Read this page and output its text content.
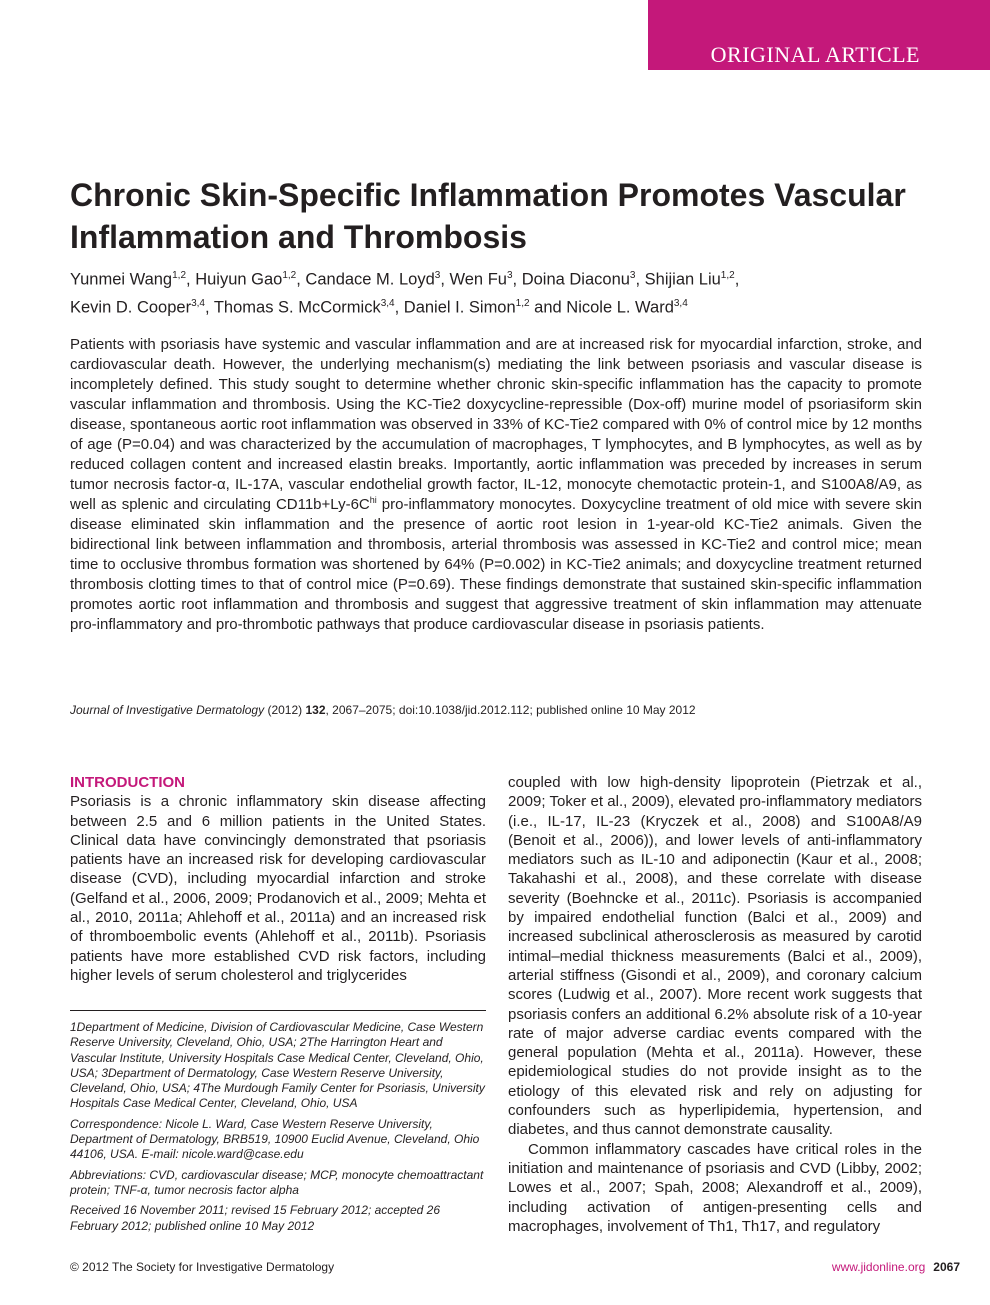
ORIGINAL ARTICLE
Chronic Skin-Specific Inflammation Promotes Vascular Inflammation and Thrombosis
Yunmei Wang$^{1,2}$, Huiyun Gao$^{1,2}$, Candace M. Loyd$^3$, Wen Fu$^3$, Doina Diaconu$^3$, Shijian Liu$^{1,2}$,
Kevin D. Cooper$^{3,4}$, Thomas S. McCormick$^{3,4}$, Daniel I. Simon$^{1,2}$ and Nicole L. Ward$^{3,4}$
Patients with psoriasis have systemic and vascular inflammation and are at increased risk for myocardial infarction, stroke, and cardiovascular death. However, the underlying mechanism(s) mediating the link between psoriasis and vascular disease is incompletely defined. This study sought to determine whether chronic skin-specific inflammation has the capacity to promote vascular inflammation and thrombosis. Using the KC-Tie2 doxycycline-repressible (Dox-off) murine model of psoriasiform skin disease, spontaneous aortic root inflammation was observed in 33% of KC-Tie2 compared with 0% of control mice by 12 months of age (P=0.04) and was characterized by the accumulation of macrophages, T lymphocytes, and B lymphocytes, as well as by reduced collagen content and increased elastin breaks. Importantly, aortic inflammation was preceded by increases in serum tumor necrosis factor-α, IL-17A, vascular endothelial growth factor, IL-12, monocyte chemotactic protein-1, and S100A8/A9, as well as splenic and circulating $CD11b+Ly-6C^{hi}$ pro-inflammatory monocytes. Doxycycline treatment of old mice with severe skin disease eliminated skin inflammation and the presence of aortic root lesion in 1-year-old KC-Tie2 animals. Given the bidirectional link between inflammation and thrombosis, arterial thrombosis was assessed in KC-Tie2 and control mice; mean time to occlusive thrombus formation was shortened by 64% (P=0.002) in KC-Tie2 animals; and doxycycline treatment returned thrombosis clotting times to that of control mice (P=0.69). These findings demonstrate that sustained skin-specific inflammation promotes aortic root inflammation and thrombosis and suggest that aggressive treatment of skin inflammation may attenuate pro-inflammatory and pro-thrombotic pathways that produce cardiovascular disease in psoriasis patients.
Journal of Investigative Dermatology (2012) 132, 2067–2075; doi:10.1038/jid.2012.112; published online 10 May 2012
INTRODUCTION

Psoriasis is a chronic inflammatory skin disease affecting between 2.5 and 6 million patients in the United States. Clinical data have convincingly demonstrated that psoriasis patients have an increased risk for developing cardiovascular disease (CVD), including myocardial infarction and stroke (Gelfand et al., 2006, 2009; Prodanovich et al., 2009; Mehta et al., 2010, 2011a; Ahlehoff et al., 2011a) and an increased risk of thromboembolic events (Ahlehoff et al., 2011b). Psoriasis patients have more established CVD risk factors, including higher levels of serum cholesterol and triglycerides

coupled with low high-density lipoprotein (Pietrzak et al., 2009; Toker et al., 2009), elevated pro-inflammatory mediators (i.e., IL-17, IL-23 (Kryczek et al., 2008) and S100A8/A9 (Benoit et al., 2006)), and lower levels of anti-inflammatory mediators such as IL-10 and adiponectin (Kaur et al., 2008; Takahashi et al., 2008), and these correlate with disease severity (Boehncke et al., 2011c). Psoriasis is accompanied by impaired endothelial function (Balci et al., 2009) and increased subclinical atherosclerosis as measured by carotid intimal–medial thickness measurements (Balci et al., 2009), arterial stiffness (Gisondi et al., 2009), and coronary calcium scores (Ludwig et al., 2007). More recent work suggests that psoriasis confers an additional 6.2% absolute risk of a 10-year rate of major adverse cardiac events compared with the general population (Mehta et al., 2011a). However, these epidemiological studies do not provide insight as to the etiology of this elevated risk and rely on adjusting for confounders such as hyperlipidemia, hypertension, and diabetes, and thus cannot demonstrate causality.

Common inflammatory cascades have critical roles in the initiation and maintenance of psoriasis and CVD (Libby, 2002; Lowes et al., 2007; Spah, 2008; Alexandroff et al., 2009), including activation of antigen-presenting cells and macrophages, involvement of Th1, Th17, and regulatory

1Department of Medicine, Division of Cardiovascular Medicine, Case Western Reserve University, Cleveland, Ohio, USA; 2The Harrington Heart and Vascular Institute, University Hospitals Case Medical Center, Cleveland, Ohio, USA; 3Department of Dermatology, Case Western Reserve University, Cleveland, Ohio, USA; 4The Murdough Family Center for Psoriasis, University Hospitals Case Medical Center, Cleveland, Ohio, USA

Correspondence: Nicole L. Ward, Case Western Reserve University, Department of Dermatology, BRB519, 10900 Euclid Avenue, Cleveland, Ohio 44106, USA. E-mail: nicole.ward@case.edu

Abbreviations: CVD, cardiovascular disease; MCP, monocyte chemoattractant protein; TNF-α, tumor necrosis factor alpha

Received 16 November 2011; revised 15 February 2012; accepted 26 February 2012; published online 10 May 2012

© 2012 The Society for Investigative Dermatology	www.jidonline.org 2067
